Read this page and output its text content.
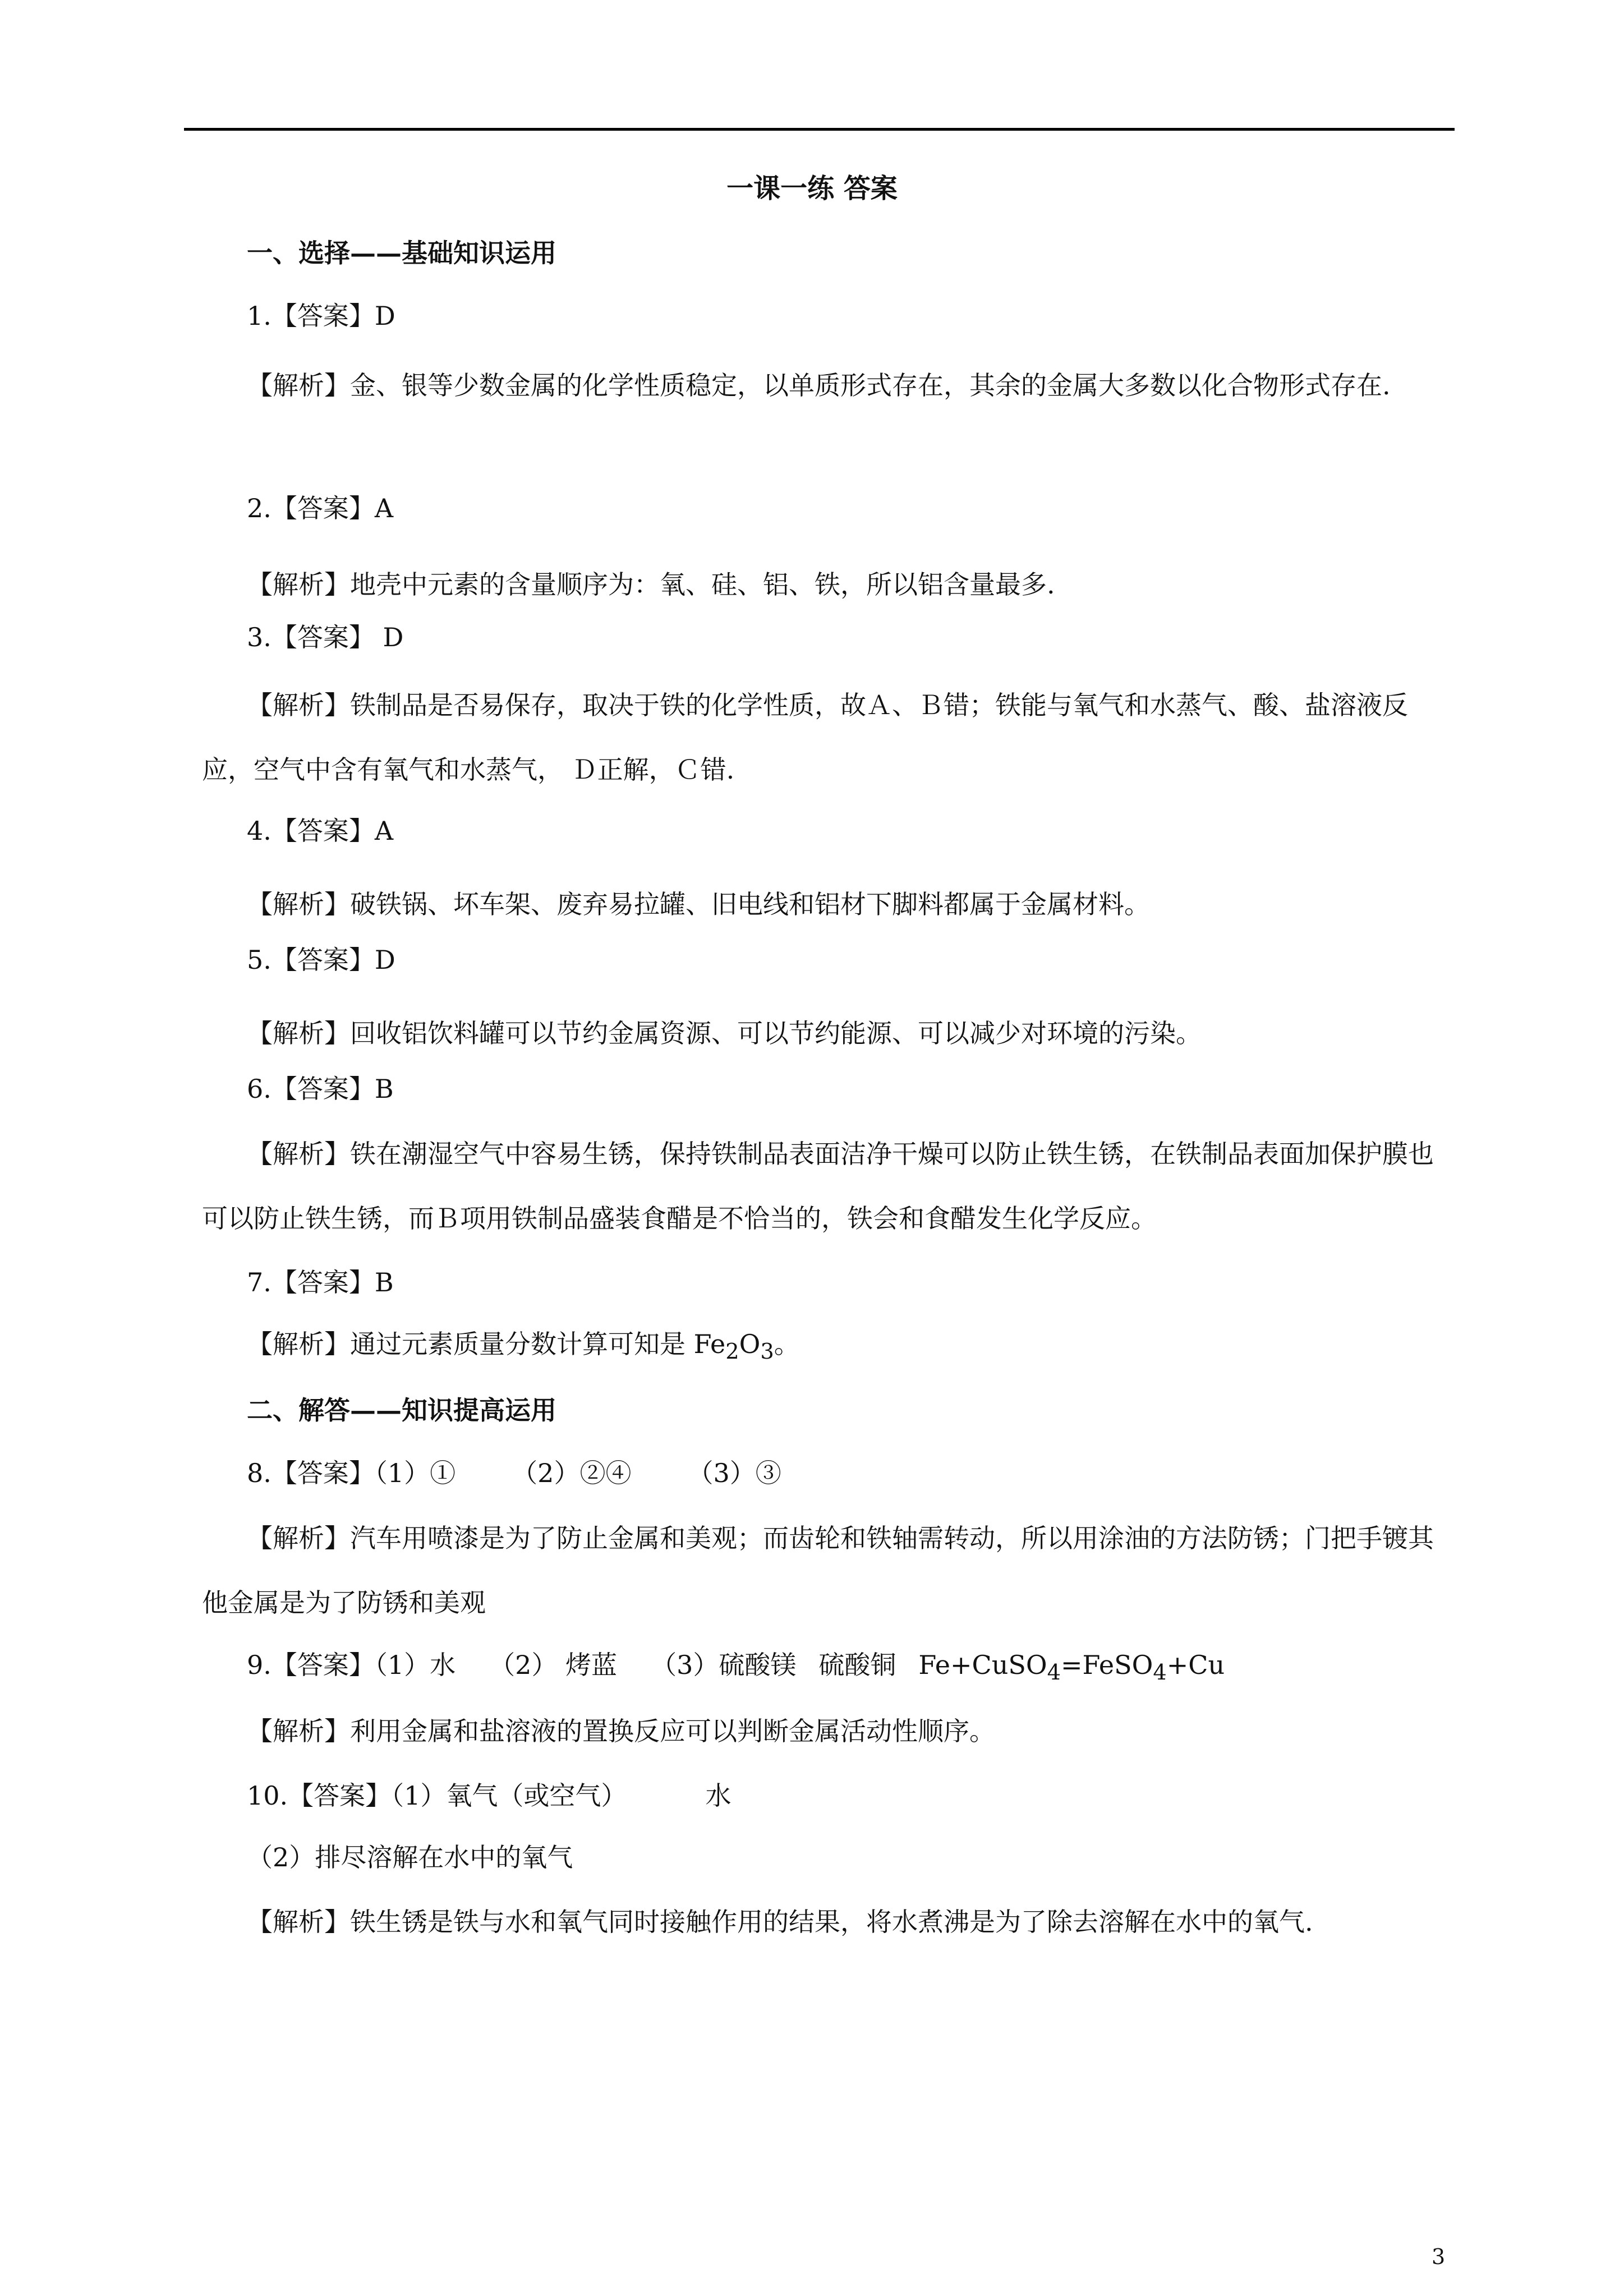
一课一练 答案
一、选择——基础知识运用
1.【答案】D
【解析】金、银等少数金属的化学性质稳定，以单质形式存在，其余的金属大多数以化合物形式存在.
2.【答案】A
【解析】地壳中元素的含量顺序为：氧、硅、铝、铁，所以铝含量最多.
3.【答案】 D
【解析】铁制品是否易保存，取决于铁的化学性质，故Ａ、Ｂ错；铁能与氧气和水蒸气、酸、盐溶液反应，空气中含有氧气和水蒸气， Ｄ正解，Ｃ错.
4.【答案】A
【解析】破铁锅、坏车架、废弃易拉罐、旧电线和铝材下脚料都属于金属材料。
5.【答案】D
【解析】回收铝饮料罐可以节约金属资源、可以节约能源、可以减少对环境的污染。
6.【答案】B
【解析】铁在潮湿空气中容易生锈，保持铁制品表面洁净干燥可以防止铁生锈，在铁制品表面加保护膜也可以防止铁生锈，而Ｂ项用铁制品盛装食醋是不恰当的，铁会和食醋发生化学反应。
7.【答案】B
【解析】通过元素质量分数计算可知是 $Fe_2O_3$。
二、解答——知识提高运用
8.【答案】（1）① （2）②④ （3）③
【解析】汽车用喷漆是为了防止金属和美观；而齿轮和铁轴需转动，所以用涂油的方法防锈；门把手镀其他金属是为了防锈和美观
9.【答案】（1）水 （2） 烤蓝 （3）硫酸镁 硫酸铜 Fe+CuSO$_4$=FeSO$_4$+Cu
【解析】利用金属和盐溶液的置换反应可以判断金属活动性顺序。
10.【答案】（1）氧气（或空气）	水
（2）排尽溶解在水中的氧气
【解析】铁生锈是铁与水和氧气同时接触作用的结果，将水煮沸是为了除去溶解在水中的氧气.
3
